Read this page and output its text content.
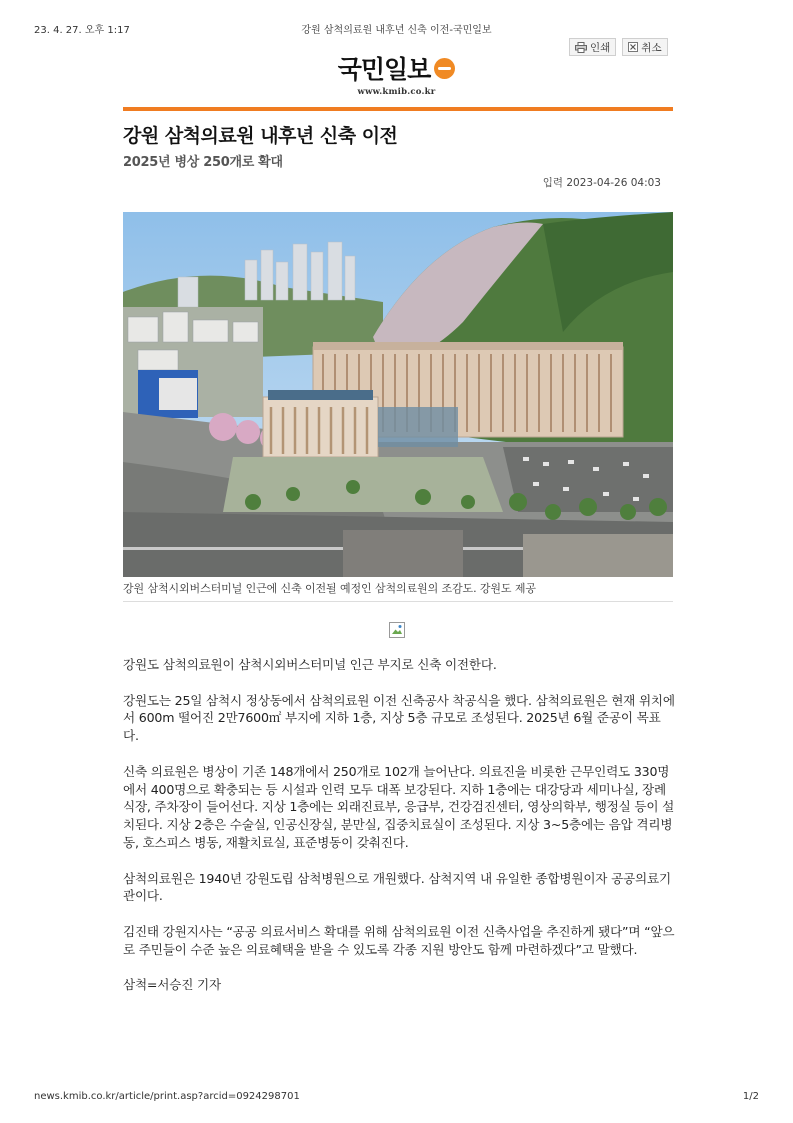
23. 4. 27. 오후 1:17	강원 삼척의료원 내후년 신축 이전-국민일보
인쇄	취소
국민일보
www.kmib.co.kr
강원 삼척의료원 내후년 신축 이전
2025년 병상 250개로 확대
입력 2023-04-26 04:03
강원 삼척시외버스터미널 인근에 신축 이전될 예정인 삼척의료원의 조감도. 강원도 제공

강원도 삼척의료원이 삼척시외버스터미널 인근 부지로 신축 이전한다.

강원도는 25일 삼척시 정상동에서 삼척의료원 이전 신축공사 착공식을 했다. 삼척의료원은 현재 위치에서 600m 떨어진 2만7600㎡ 부지에 지하 1층, 지상 5층 규모로 조성된다. 2025년 6월 준공이 목표다.

신축 의료원은 병상이 기존 148개에서 250개로 102개 늘어난다. 의료진을 비롯한 근무인력도 330명에서 400명으로 확충되는 등 시설과 인력 모두 대폭 보강된다. 지하 1층에는 대강당과 세미나실, 장례식장, 주차장이 들어선다. 지상 1층에는 외래진료부, 응급부, 건강검진센터, 영상의학부, 행정실 등이 설치된다. 지상 2층은 수술실, 인공신장실, 분만실, 집중치료실이 조성된다. 지상 3~5층에는 음압 격리병동, 호스피스 병동, 재활치료실, 표준병동이 갖춰진다.

삼척의료원은 1940년 강원도립 삼척병원으로 개원했다. 삼척지역 내 유일한 종합병원이자 공공의료기관이다.

김진태 강원지사는 “공공 의료서비스 확대를 위해 삼척의료원 이전 신축사업을 추진하게 됐다”며 “앞으로 주민들이 수준 높은 의료혜택을 받을 수 있도록 각종 지원 방안도 함께 마련하겠다”고 말했다.

삼척=서승진 기자

news.kmib.co.kr/article/print.asp?arcid=0924298701	1/2
